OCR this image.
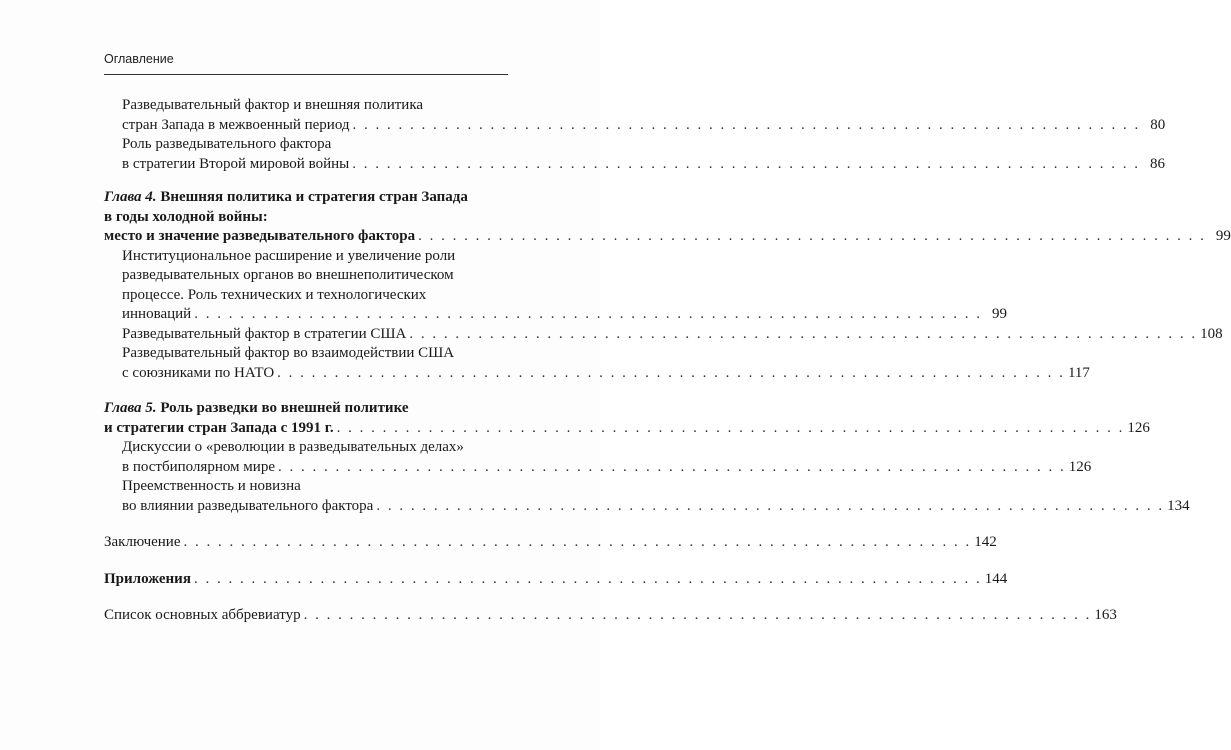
Оглавление
Разведывательный фактор и внешняя политика
стран Запада в межвоенный период . . . . . . . . . . . . . . . . . . . . . . . . . . . . . . . . . . . . . . . . . . . . . . . . . . . . . . . . . . . . . . . . . . . . . 80
Роль разведывательного фактора
в стратегии Второй мировой войны . . . . . . . . . . . . . . . . . . . . . . . . . . . . . . . . . . . . . . . . . . . . . . . . . . . . . . . . . . . . . . . . . . . . . 86
Глава 4. Внешняя политика и стратегия стран Запада
в годы холодной войны:
место и значение разведывательного фактора . . . . . . . . . . . . . . . . . . . . . . . . . . . . . . . . . . . . . . . . . . . . . . . . . . . . . . . . . . . . . . . . . . . . . 99
Институциональное расширение и увеличение роли
разведывательных органов во внешнеполитическом
процессе. Роль технических и технологических
инноваций . . . . . . . . . . . . . . . . . . . . . . . . . . . . . . . . . . . . . . . . . . . . . . . . . . . . . . . . . . . . . . . . . . . . . 99
Разведывательный фактор в стратегии США . . . . . . . . . . . . . . . . . . . . . . . . . . . . . . . . . . . . . . . . . . . . . . . . . . . . . . . . . . . . . . . . . . . . . 108
Разведывательный фактор во взаимодействии США
с союзниками по НАТО . . . . . . . . . . . . . . . . . . . . . . . . . . . . . . . . . . . . . . . . . . . . . . . . . . . . . . . . . . . . . . . . . . . . . 117
Глава 5. Роль разведки во внешней политике
и стратегии стран Запада с 1991 г. . . . . . . . . . . . . . . . . . . . . . . . . . . . . . . . . . . . . . . . . . . . . . . . . . . . . . . . . . . . . . . . . . . . . . 126
Дискуссии о «революции в разведывательных делах»
в постбиполярном мире . . . . . . . . . . . . . . . . . . . . . . . . . . . . . . . . . . . . . . . . . . . . . . . . . . . . . . . . . . . . . . . . . . . . . 126
Преемственность и новизна
во влиянии разведывательного фактора . . . . . . . . . . . . . . . . . . . . . . . . . . . . . . . . . . . . . . . . . . . . . . . . . . . . . . . . . . . . . . . . . . . . . 134
Заключение . . . . . . . . . . . . . . . . . . . . . . . . . . . . . . . . . . . . . . . . . . . . . . . . . . . . . . . . . . . . . . . . . . . . . 142
Приложения . . . . . . . . . . . . . . . . . . . . . . . . . . . . . . . . . . . . . . . . . . . . . . . . . . . . . . . . . . . . . . . . . . . . . 144
Список основных аббревиатур . . . . . . . . . . . . . . . . . . . . . . . . . . . . . . . . . . . . . . . . . . . . . . . . . . . . . . . . . . . . . . . . . . . . . 163
